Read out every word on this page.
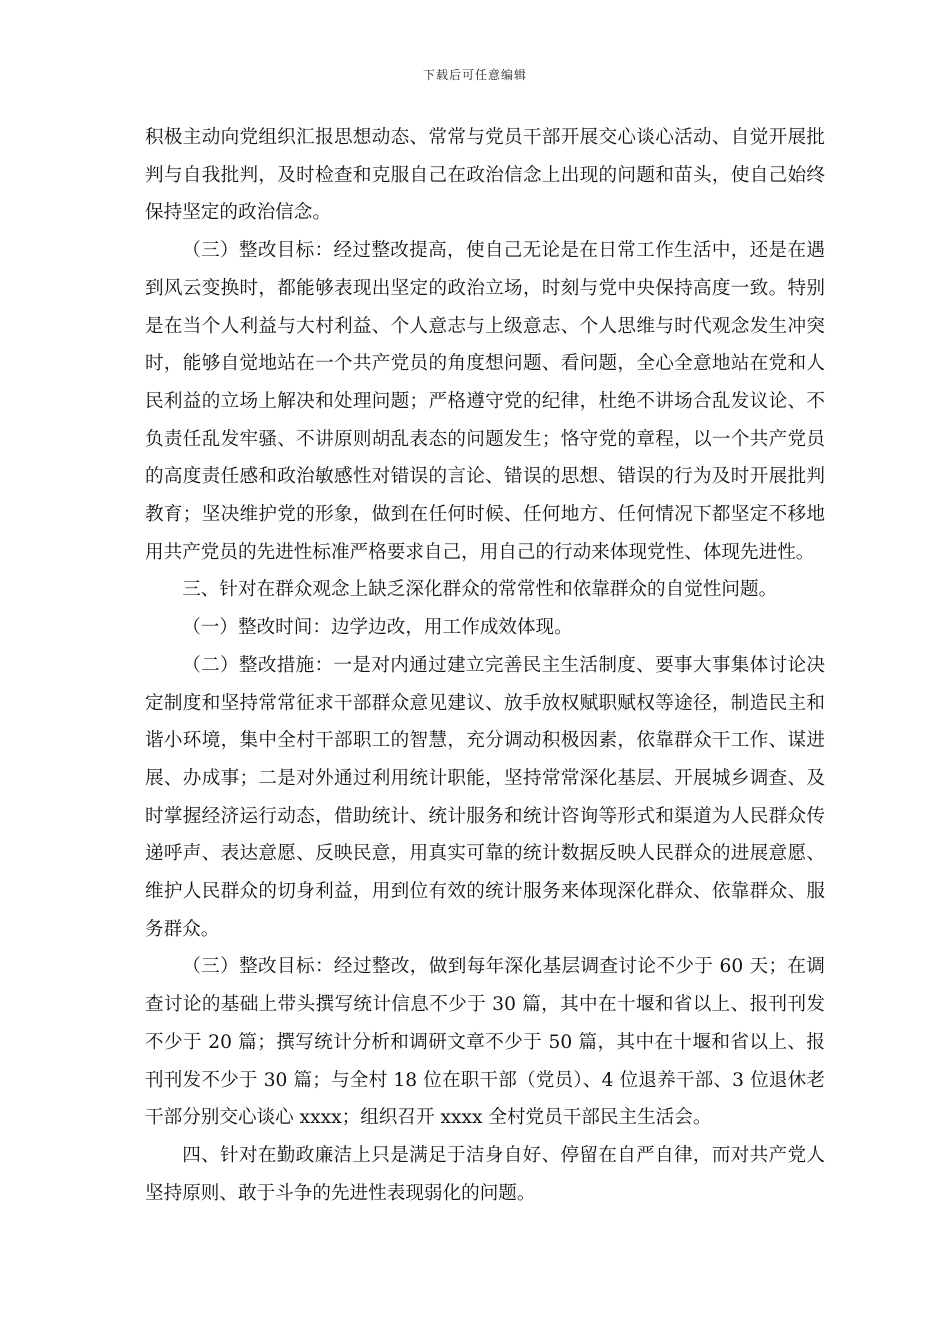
下载后可任意编辑

积极主动向党组织汇报思想动态、常常与党员干部开展交心谈心活动、自觉开展批判与自我批判，及时检查和克服自己在政治信念上出现的问题和苗头，使自己始终保持坚定的政治信念。

（三）整改目标：经过整改提高，使自己无论是在日常工作生活中，还是在遇到风云变换时，都能够表现出坚定的政治立场，时刻与党中央保持高度一致。特别是在当个人利益与大村利益、个人意志与上级意志、个人思维与时代观念发生冲突时，能够自觉地站在一个共产党员的角度想问题、看问题，全心全意地站在党和人民利益的立场上解决和处理问题；严格遵守党的纪律，杜绝不讲场合乱发议论、不负责任乱发牢骚、不讲原则胡乱表态的问题发生；恪守党的章程，以一个共产党员的高度责任感和政治敏感性对错误的言论、错误的思想、错误的行为及时开展批判教育；坚决维护党的形象，做到在任何时候、任何地方、任何情况下都坚定不移地用共产党员的先进性标准严格要求自己，用自己的行动来体现党性、体现先进性。

三、针对在群众观念上缺乏深化群众的常常性和依靠群众的自觉性问题。

（一）整改时间：边学边改，用工作成效体现。

（二）整改措施：一是对内通过建立完善民主生活制度、要事大事集体讨论决定制度和坚持常常征求干部群众意见建议、放手放权赋职赋权等途径，制造民主和谐小环境，集中全村干部职工的智慧，充分调动积极因素，依靠群众干工作、谋进展、办成事；二是对外通过利用统计职能，坚持常常深化基层、开展城乡调查、及时掌握经济运行动态，借助统计、统计服务和统计咨询等形式和渠道为人民群众传递呼声、表达意愿、反映民意，用真实可靠的统计数据反映人民群众的进展意愿、维护人民群众的切身利益，用到位有效的统计服务来体现深化群众、依靠群众、服务群众。

（三）整改目标：经过整改，做到每年深化基层调查讨论不少于 60 天；在调查讨论的基础上带头撰写统计信息不少于 30 篇，其中在十堰和省以上、报刊刊发不少于 20 篇；撰写统计分析和调研文章不少于 50 篇，其中在十堰和省以上、报刊刊发不少于 30 篇；与全村 18 位在职干部（党员）、4 位退养干部、3 位退休老干部分别交心谈心 xxxx；组织召开 xxxx 全村党员干部民主生活会。

四、针对在勤政廉洁上只是满足于洁身自好、停留在自严自律，而对共产党人坚持原则、敢于斗争的先进性表现弱化的问题。
